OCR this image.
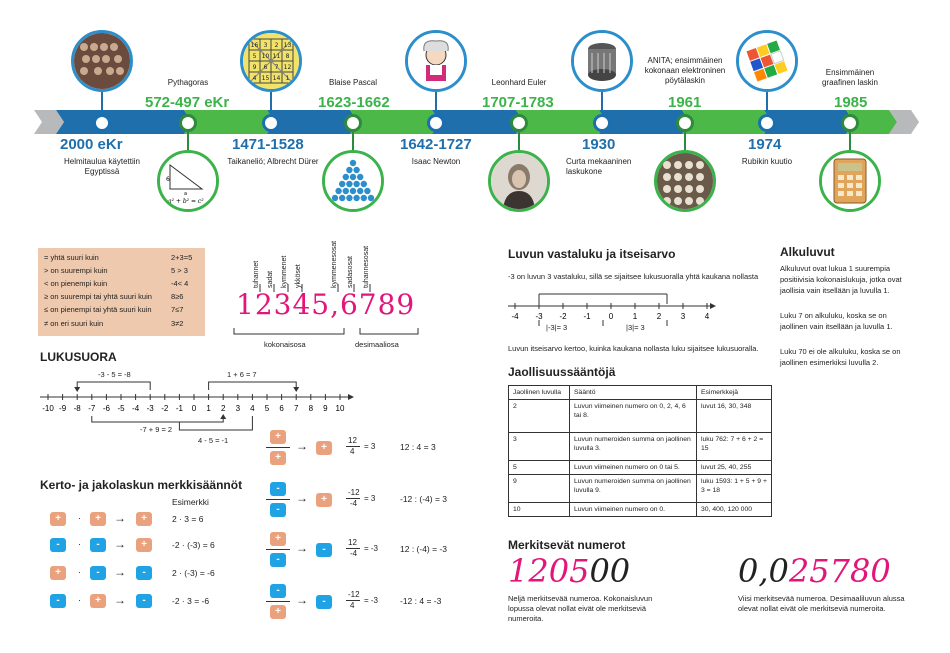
16 3 2 13
5 10 11 8
9 6 7 12
4 15 14 1
6
a
a² + b² = c²
2000 eKr
Helmitaulua käytettiin Egyptissä
Pythagoras
572-497 eKr
1471-1528
Taikaneliö; Albrecht Dürer
Blaise Pascal
1623-1662
1642-1727
Isaac Newton
Leonhard Euler
1707-1783
1930
Curta mekaaninen laskukone
ANITA; ensimmäinen kokonaan elektroninen pöytälaskin
1961
1974
Rubikin kuutio
Ensimmäinen graafinen laskin
1985
= yhtä suuri kuin	2+3=5
> on suurempi kuin	5 > 3
< on pienempi kuin	-4< 4
≥ on suurempi tai yhtä suuri kuin	8≥6
≤ on pienempi tai yhtä suuri kuin	7≤7
≠ on eri suuri kuin	3≠2
tuhannet sadat kymmenet ykköset	kymmenesosat sadasosat tuhannesosat
12345,6789
kokonaisosa	desimaaliosa
LUKUSUORA
-10 -9 -8 -7 -6 -5 -4 -3 -2 -1 0 1 2 3 4 5 6 7 8 9 10
-3 - 5 = -8	1 + 6 = 7
-7 + 9 = 2
4 - 5 = -1
Kerto- ja jakolaskun merkkisäännöt
Esimerkki
+	·	+	→	+	2 · 3 = 6
-	·	-	→	+	-2 · (-3) = 6
+	·	-	→	-	2 · (-3) = -6
-	·	+	→	-	-2 · 3 = -6
+
+
→	+
12
4
= 3	12 : 4 = 3
-
-
→	+
-12
-4
= 3	-12 : (-4) = 3
+
-
→	-
12
-4
= -3	12 : (-4) = -3
-
+
→	-
-12
4
= -3	-12 : 4 = -3
Luvun vastaluku ja itseisarvo
-3 on luvun 3 vastaluku, sillä se sijaitsee lukusuoralla yhtä kaukana nollasta
-4 -3 -2 -1 0 1 2 3 4
|-3|= 3	|3|= 3
Luvun itseisarvo kertoo, kuinka kaukana nollasta luku sijaitsee lukusuoralla.
Alkuluvut
Alkuluvut ovat lukua 1 suurempia positiivisia kokonaislukuja, jotka ovat jaollisia vain itsellään ja luvulla 1.
Luku 7 on alkuluku, koska se on jaollinen vain itsellään ja luvulla 1.
Luku 70 ei ole alkuluku, koska se on jaollinen esimerkiksi luvulla 2.
Jaollisuussääntöjä
Jaollinen luvulla	Sääntö	Esimerkkejä
2	Luvun viimeinen numero on 0, 2, 4, 6 tai 8.	luvut 16, 30, 348
3	Luvun numeroiden summa on jaollinen luvulla 3.	luku 762: 7 + 6 + 2 = 15
5	Luvun viimeinen numero on 0 tai 5.	luvut 25, 40, 255
9	Luvun numeroiden summa on jaollinen luvulla 9.	luku 1593: 1 + 5 + 9 + 3 = 18
10	Luvun viimeinen numero on 0.	30, 400, 120 000
Merkitsevät numerot
120500
Neljä merkitsevää numeroa. Kokonaisluvun lopussa olevat nollat eivät ole merkitseviä numeroita.
0,025780
Viisi merkitsevää numeroa. Desimaaliluvun alussa olevat nollat eivät ole merkitseviä numeroita.
